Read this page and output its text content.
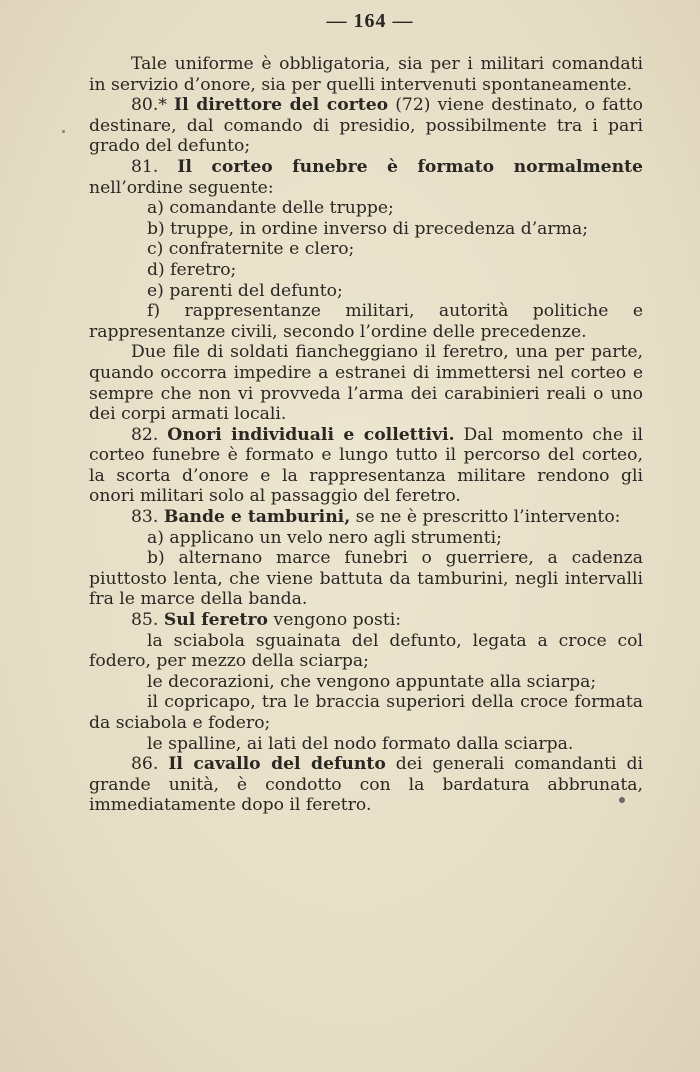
— 164 —

Tale uniforme è obbligatoria, sia per i militari comandati in servizio d’onore, sia per quelli intervenuti spontaneamente.

80.* Il direttore del corteo (72) viene destinato, o fatto destinare, dal comando di presidio, possibilmente tra i pari grado del defunto;

81. Il corteo funebre è formato normalmente nell’ordine seguente:

a) comandante delle truppe;

b) truppe, in ordine inverso di precedenza d’arma;

c) confraternite e clero;

d) feretro;

e) parenti del defunto;

f) rappresentanze militari, autorità politiche e rappresentanze civili, secondo l’ordine delle precedenze.

Due file di soldati fiancheggiano il feretro, una per parte, quando occorra impedire a estranei di immettersi nel corteo e sempre che non vi provveda l’arma dei carabinieri reali o uno dei corpi armati locali.

82. Onori individuali e collettivi. Dal momento che il corteo funebre è formato e lungo tutto il percorso del corteo, la scorta d’onore e la rappresentanza militare rendono gli onori militari solo al passaggio del feretro.

83. Bande e tamburini, se ne è prescritto l’intervento:

a) applicano un velo nero agli strumenti;

b) alternano marce funebri o guerriere, a cadenza piuttosto lenta, che viene battuta da tamburini, negli intervalli fra le marce della banda.

85. Sul feretro vengono posti:

la sciabola sguainata del defunto, legata a croce col fodero, per mezzo della sciarpa;

le decorazioni, che vengono appuntate alla sciarpa;

il copricapo, tra le braccia superiori della croce formata da sciabola e fodero;

le spalline, ai lati del nodo formato dalla sciarpa.

86. Il cavallo del defunto dei generali comandanti di grande unità, è condotto con la bardatura abbrunata, immediatamente dopo il feretro.
